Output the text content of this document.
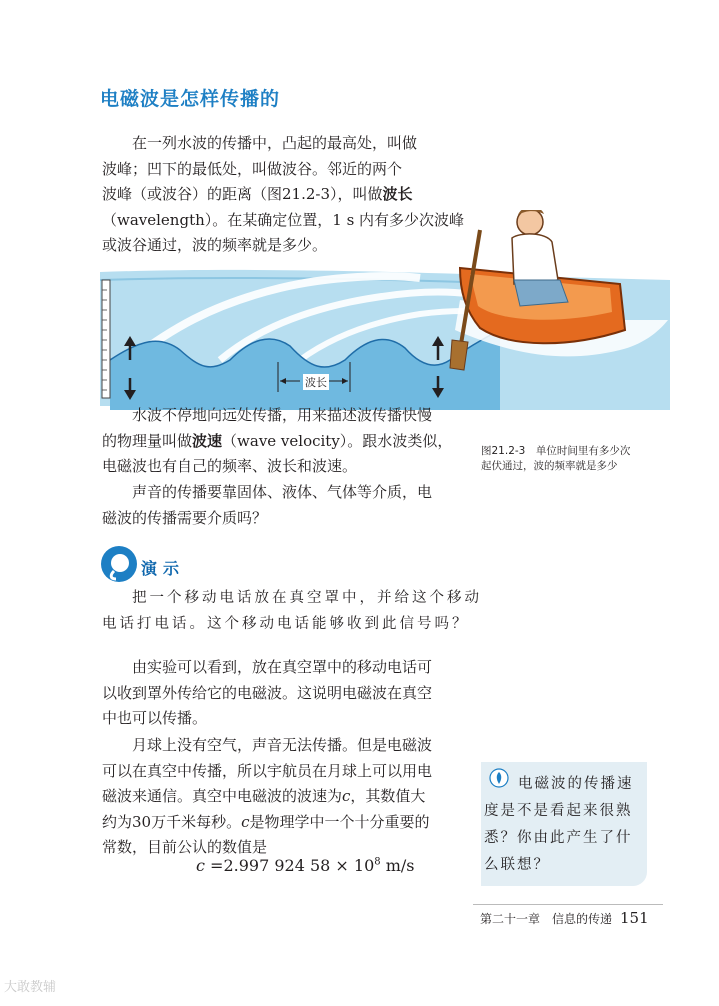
电磁波是怎样传播的
在一列水波的传播中，凸起的最高处，叫做
波峰；凹下的最低处，叫做波谷。邻近的两个
波峰（或波谷）的距离（图21.2-3），叫做波长
（wavelength）。在某确定位置，1 s 内有多少次波峰
或波谷通过，波的频率就是多少。
波长
图21.2-3　单位时间里有多少次
起伏通过，波的频率就是多少
水波不停地向远处传播，用来描述波传播快慢
的物理量叫做波速（wave velocity）。跟水波类似，
电磁波也有自己的频率、波长和波速。
声音的传播要靠固体、液体、气体等介质，电
磁波的传播需要介质吗？
演示
把一个移动电话放在真空罩中，并给这个移动
电话打电话。这个移动电话能够收到此信号吗？
由实验可以看到，放在真空罩中的移动电话可
以收到罩外传给它的电磁波。这说明电磁波在真空
中也可以传播。
月球上没有空气，声音无法传播。但是电磁波
可以在真空中传播，所以宇航员在月球上可以用电
磁波来通信。真空中电磁波的波速为c，其数值大
约为30万千米每秒。c是物理学中一个十分重要的
常数，目前公认的数值是
c =2.997 924 $58 \times 10^8$ m/s
电磁波的传播速
度是不是看起来很熟
悉？你由此产生了什
么联想？
第二十一章　信息的传递 151
大敢教辅
